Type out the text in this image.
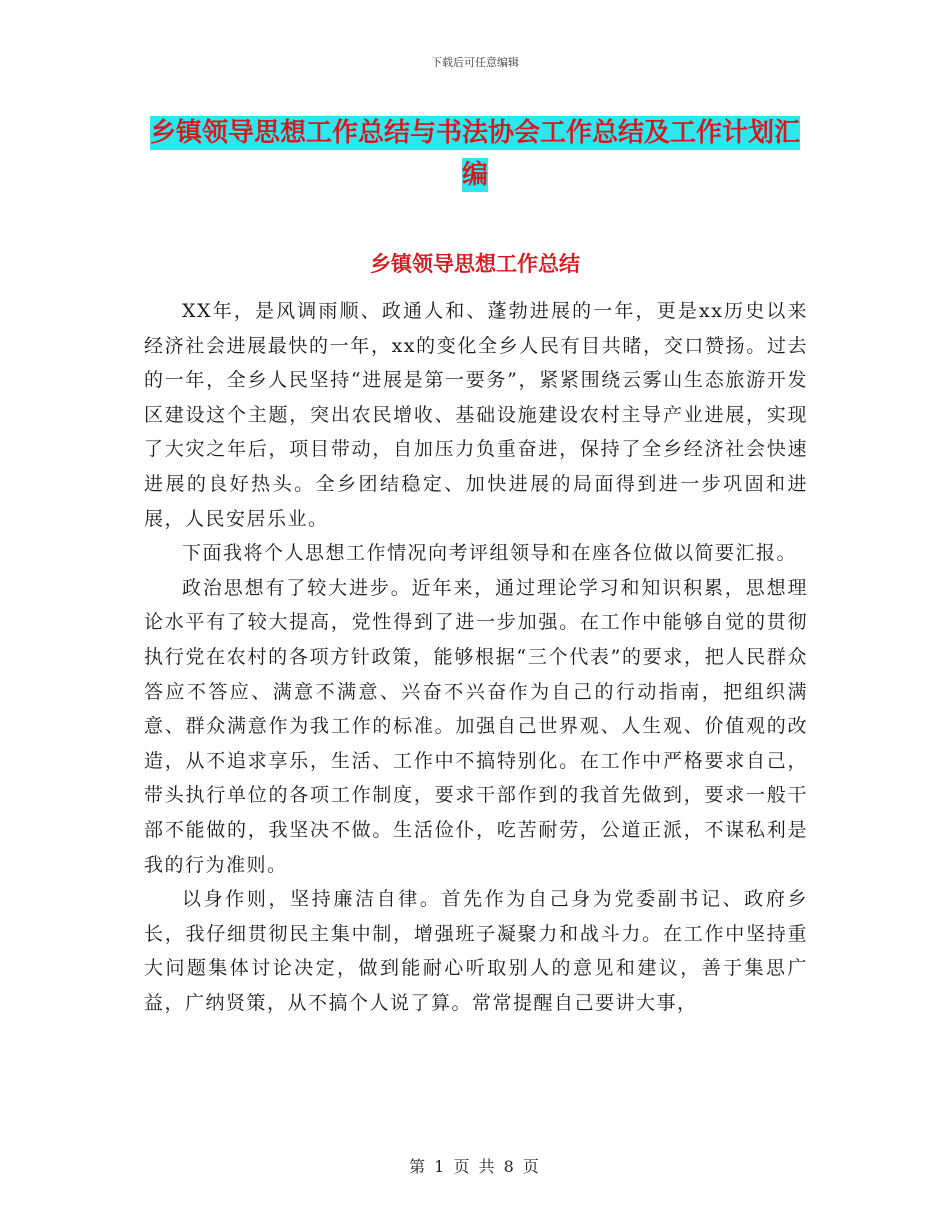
下载后可任意编辑
乡镇领导思想工作总结与书法协会工作总结及工作计划汇编
乡镇领导思想工作总结

XX年，是风调雨顺、政通人和、蓬勃进展的一年，更是xx历史以来经济社会进展最快的一年，xx的变化全乡人民有目共睹，交口赞扬。过去的一年，全乡人民坚持“进展是第一要务”，紧紧围绕云雾山生态旅游开发区建设这个主题，突出农民增收、基础设施建设农村主导产业进展，实现了大灾之年后，项目带动，自加压力负重奋进，保持了全乡经济社会快速进展的良好热头。全乡团结稳定、加快进展的局面得到进一步巩固和进展，人民安居乐业。

下面我将个人思想工作情况向考评组领导和在座各位做以简要汇报。

政治思想有了较大进步。近年来，通过理论学习和知识积累，思想理论水平有了较大提高，党性得到了进一步加强。在工作中能够自觉的贯彻执行党在农村的各项方针政策，能够根据“三个代表”的要求，把人民群众答应不答应、满意不满意、兴奋不兴奋作为自己的行动指南，把组织满意、群众满意作为我工作的标准。加强自己世界观、人生观、价值观的改造，从不追求享乐，生活、工作中不搞特别化。在工作中严格要求自己，带头执行单位的各项工作制度，要求干部作到的我首先做到，要求一般干部不能做的，我坚决不做。生活俭仆，吃苦耐劳，公道正派，不谋私利是我的行为准则。

以身作则，坚持廉洁自律。首先作为自己身为党委副书记、政府乡长，我仔细贯彻民主集中制，增强班子凝聚力和战斗力。在工作中坚持重大问题集体讨论决定，做到能耐心听取别人的意见和建议，善于集思广益，广纳贤策，从不搞个人说了算。常常提醒自己要讲大事，

第 1 页 共 8 页
